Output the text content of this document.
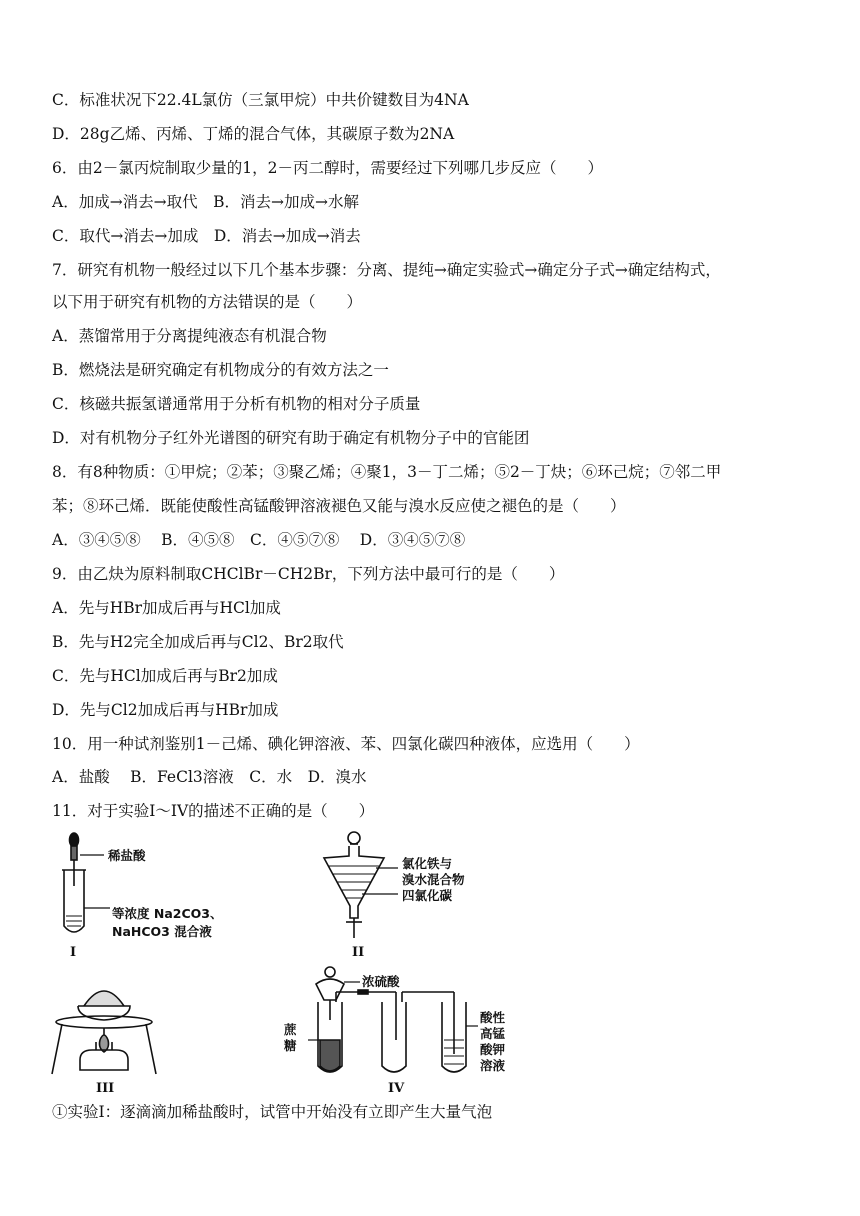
C．标准状况下22.4L氯仿（三氯甲烷）中共价键数目为4NA
D．28g乙烯、丙烯、丁烯的混合气体，其碳原子数为2NA
6．由2－氯丙烷制取少量的1，2－丙二醇时，需要经过下列哪几步反应（　　）
A．加成→消去→取代　B．消去→加成→水解
C．取代→消去→加成　D．消去→加成→消去
7．研究有机物一般经过以下几个基本步骤：分离、提纯→确定实验式→确定分子式→确定结构式，
以下用于研究有机物的方法错误的是（　　）
A．蒸馏常用于分离提纯液态有机混合物
B．燃烧法是研究确定有机物成分的有效方法之一
C．核磁共振氢谱通常用于分析有机物的相对分子质量
D．对有机物分子红外光谱图的研究有助于确定有机物分子中的官能团
8．有8种物质：①甲烷；②苯；③聚乙烯；④聚1，3－丁二烯；⑤2－丁炔；⑥环己烷；⑦邻二甲
苯；⑧环己烯．既能使酸性高锰酸钾溶液褪色又能与溴水反应使之褪色的是（　　）
A．③④⑤⑧　 B．④⑤⑧　C．④⑤⑦⑧　 D．③④⑤⑦⑧
9．由乙炔为原料制取CHClBr－CH2Br，下列方法中最可行的是（　　）
A．先与HBr加成后再与HCl加成
B．先与H2完全加成后再与Cl2、Br2取代
C．先与HCl加成后再与Br2加成
D．先与Cl2加成后再与HBr加成
10．用一种试剂鉴别1－己烯、碘化钾溶液、苯、四氯化碳四种液体，应选用（　　）
A．盐酸　 B．FeCl3溶液　C．水　D．溴水
11．对于实验I～IV的描述不正确的是（　　）
稀盐酸
等浓度 Na2CO3、
NaHCO3 混合液
I
氯化铁与
溴水混合物
四氯化碳
II
III
浓硫酸
蔗
糖
酸性
高锰
酸钾
溶液
IV
①实验I：逐滴滴加稀盐酸时，试管中开始没有立即产生大量气泡
